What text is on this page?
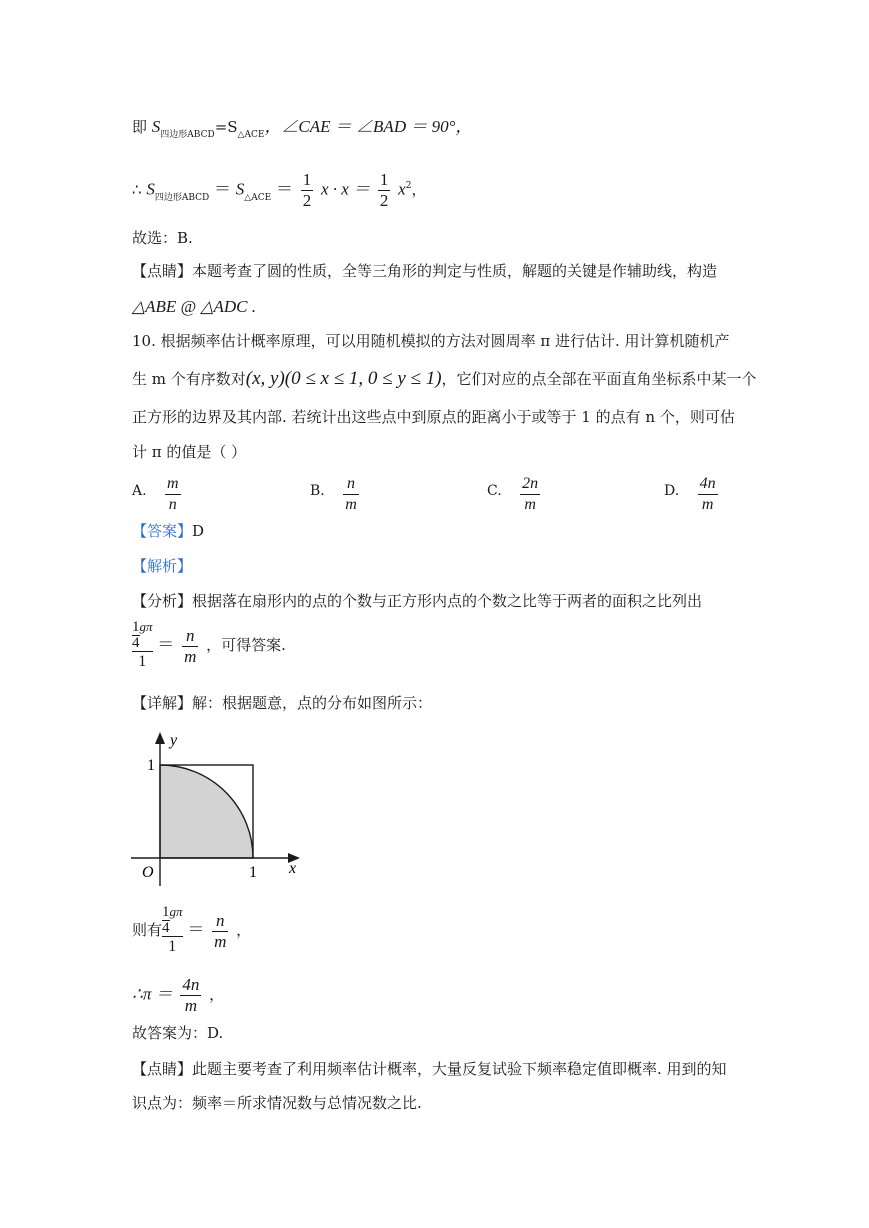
即 $S_{四边形ABCD}=S_{\triangle ACE}$，∠CAE ＝ ∠BAD ＝ 90°，
∴ $S_{四边形ABCD} = S_{\triangle ACE} = \frac{1}{2}$ $x \cdot x = \frac{1}{2} x^2$，
故选：B.
【点睛】本题考查了圆的性质，全等三角形的判定与性质，解题的关键是作辅助线，构造
△ABE @ △ADC .
10. 根据频率估计概率原理，可以用随机模拟的方法对圆周率 π 进行估计. 用计算机随机产
生 m 个有序数对(x, y)(0 ≤ x ≤ 1, 0 ≤ y ≤ 1)，它们对应的点全部在平面直角坐标系中某一个
正方形的边界及其内部. 若统计出这些点中到原点的距离小于或等于 1 的点有 n 个，则可估
计 π 的值是（ ）
A. $\frac{m}{n}$	B. $\frac{n}{m}$	C. $\frac{2n}{m}$	D. $\frac{4n}{m}$
【答案】D
【解析】
【分析】根据落在扇形内的点的个数与正方形内点的个数之比等于两者的面积之比列出
$\frac{\frac{1}{4} g\pi}{1} = \frac{n}{m}$ ，可得答案.
【详解】解：根据题意，点的分布如图所示：
y
x
O
1
1
则有 $\frac{\frac{1}{4} g\pi}{1} = \frac{n}{m}$ ，
∴π ＝ $\frac{4n}{m}$ ，
故答案为：D.
【点睛】此题主要考查了利用频率估计概率，大量反复试验下频率稳定值即概率. 用到的知
识点为：频率＝所求情况数与总情况数之比.
